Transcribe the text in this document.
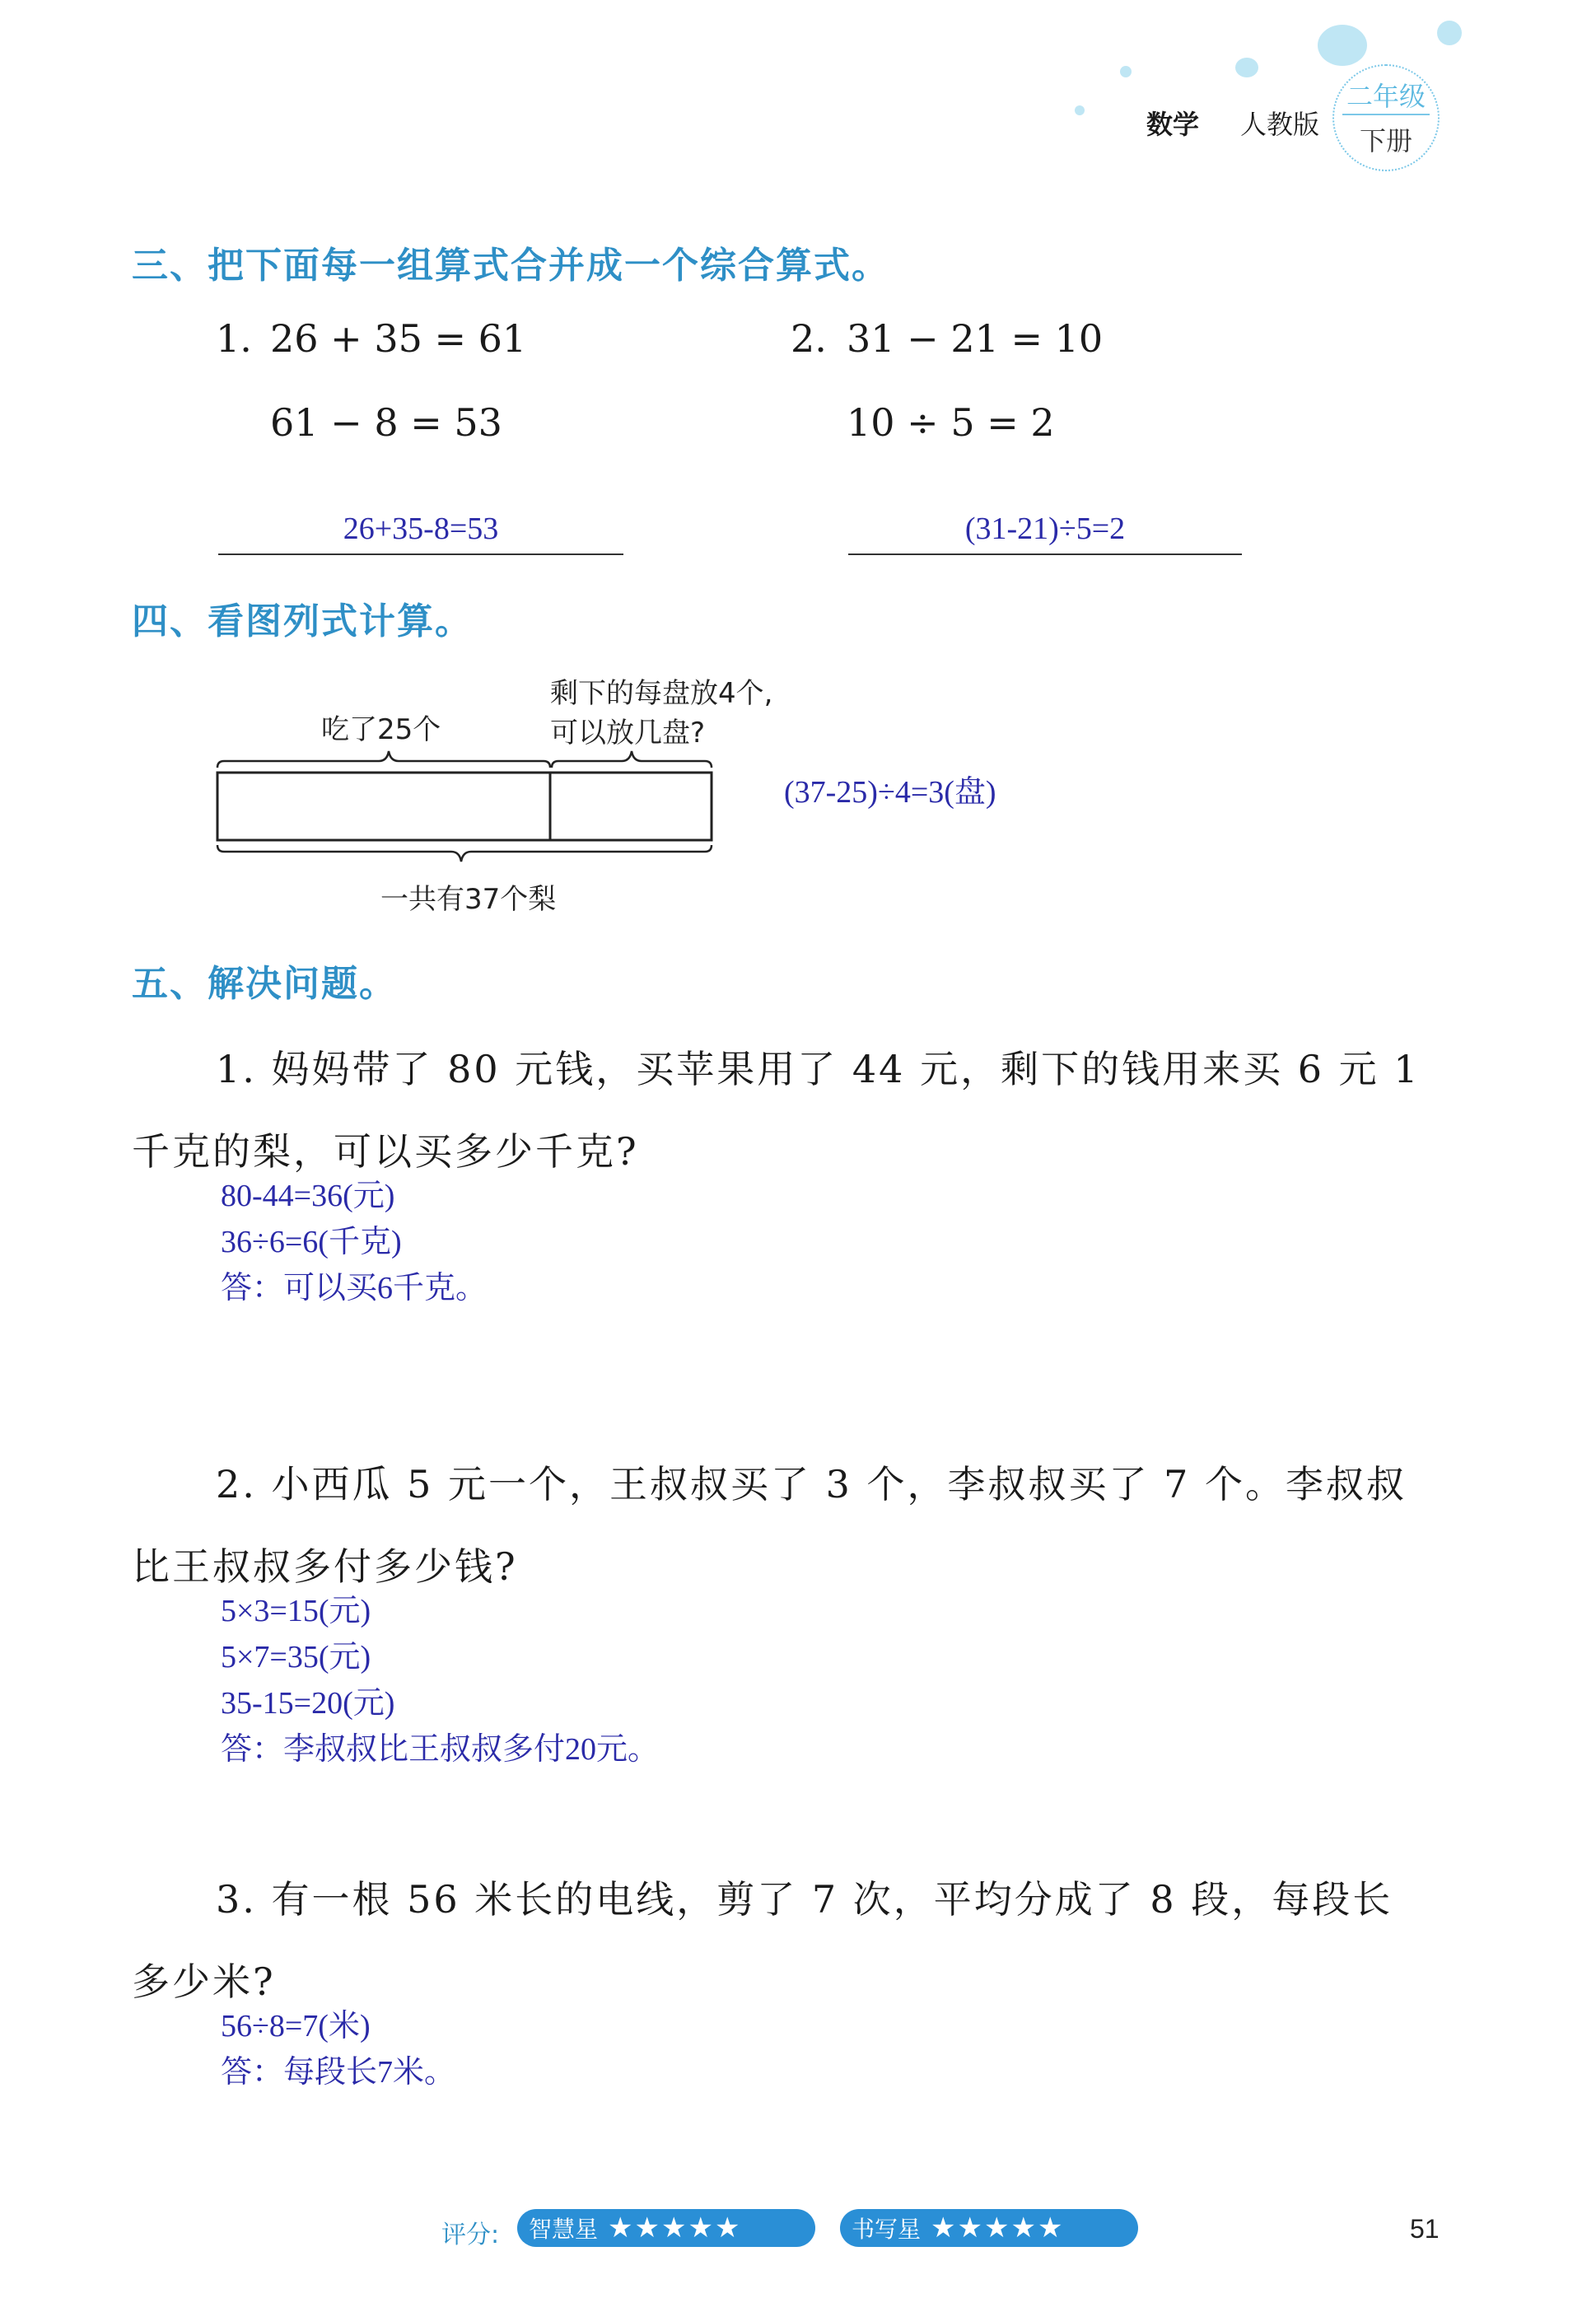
数学 人教版
二年级
下册
三、把下面每一组算式合并成一个综合算式。
1. 26 + 35 = 61
61 − 8 = 53
26+35-8=53
2. 31 − 21 = 10
10 ÷ 5 = 2
(31-21)÷5=2
四、看图列式计算。
剩下的每盘放4个,
可以放几盘?
吃了25个
一共有37个梨
(37-25)÷4=3(盘)
五、解决问题。
1. 妈妈带了 80 元钱，买苹果用了 44 元，剩下的钱用来买 6 元 1
千克的梨，可以买多少千克?
80-44=36(元)
36÷6=6(千克)
答：可以买6千克。
2. 小西瓜 5 元一个，王叔叔买了 3 个，李叔叔买了 7 个。李叔叔
比王叔叔多付多少钱?
5×3=15(元)
5×7=35(元)
35-15=20(元)
答：李叔叔比王叔叔多付20元。
3. 有一根 56 米长的电线，剪了 7 次，平均分成了 8 段，每段长
多少米?
56÷8=7(米)
答：每段长7米。
评分: 智慧星 ★★★★★	书写星 ★★★★★	51
